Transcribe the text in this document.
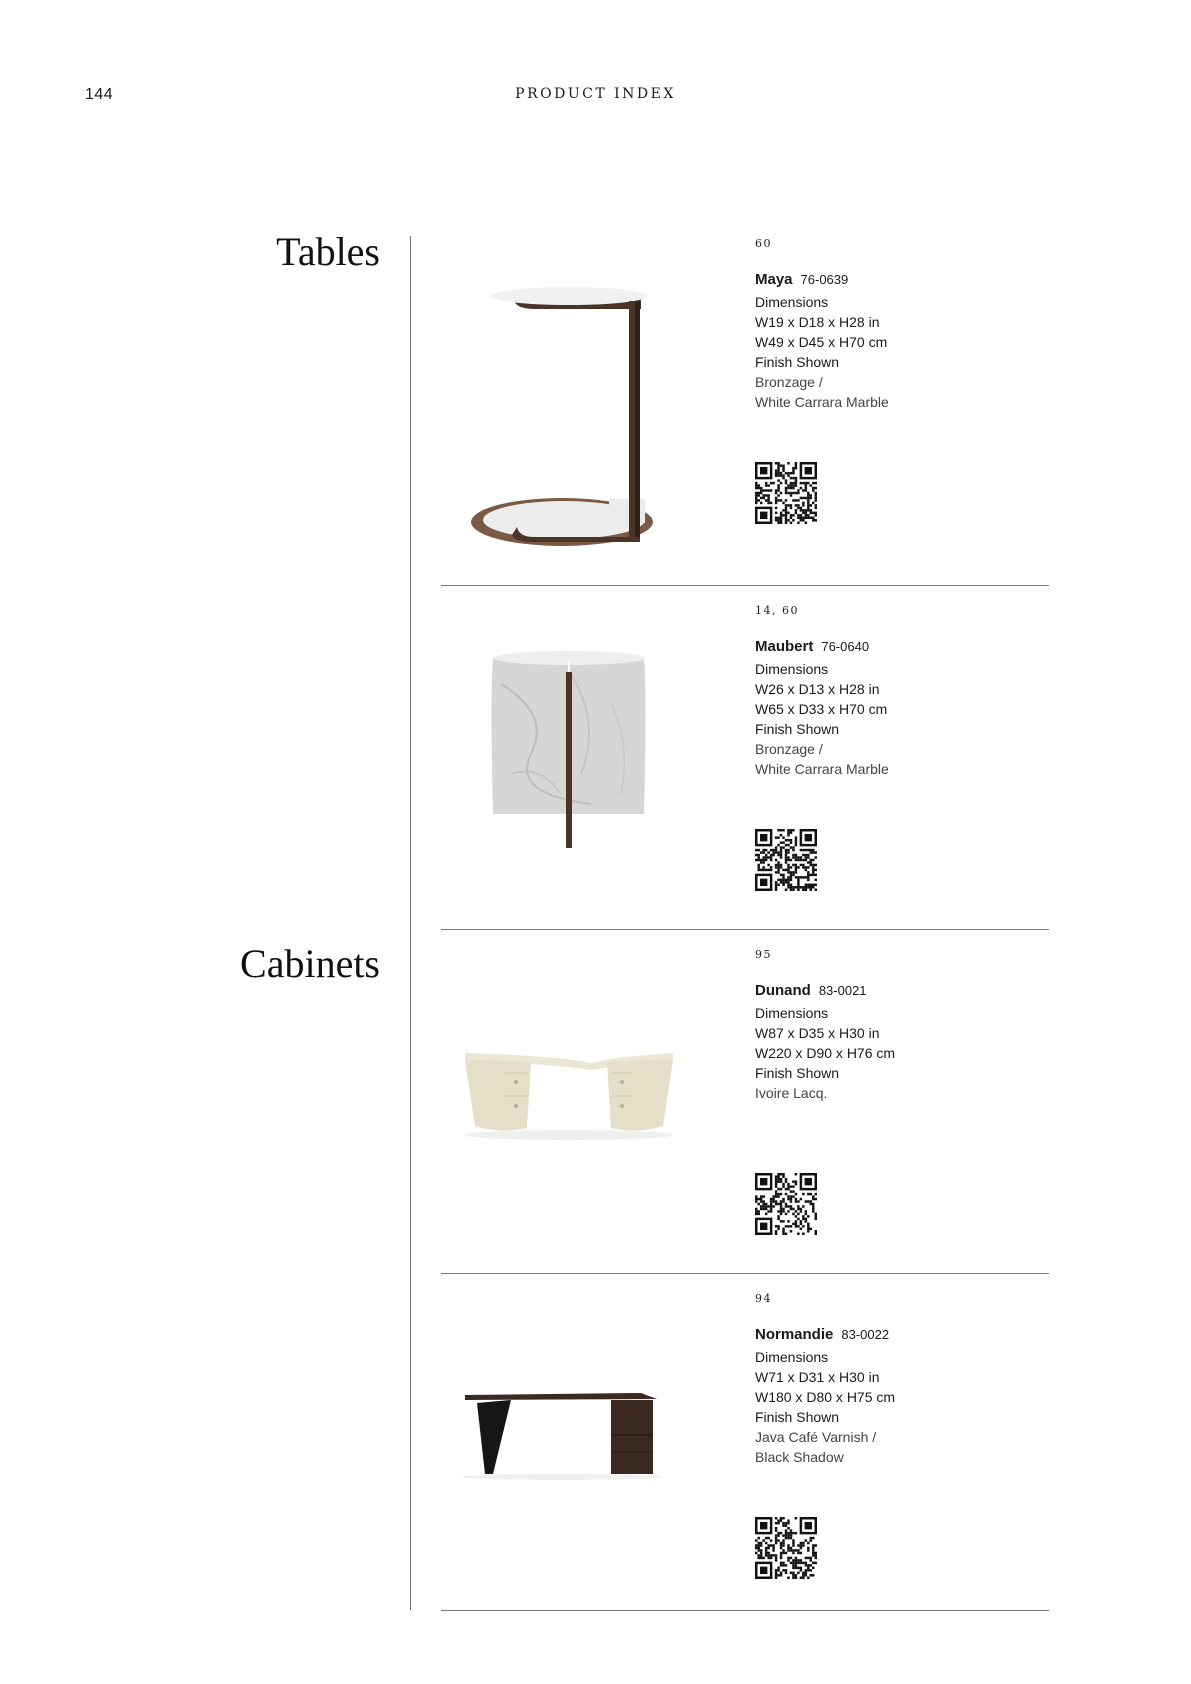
144	PRODUCT INDEX
Tables
Cabinets
60
Maya 76-0639
Dimensions
W19 x D18 x H28 in
W49 x D45 x H70 cm
Finish Shown
Bronzage /
White Carrara Marble
14, 60
Maubert 76-0640
Dimensions
W26 x D13 x H28 in
W65 x D33 x H70 cm
Finish Shown
Bronzage /
White Carrara Marble
95
Dunand 83-0021
Dimensions
W87 x D35 x H30 in
W220 x D90 x H76 cm
Finish Shown
Ivoire Lacq.
94
Normandie 83-0022
Dimensions
W71 x D31 x H30 in
W180 x D80 x H75 cm
Finish Shown
Java Café Varnish /
Black Shadow
